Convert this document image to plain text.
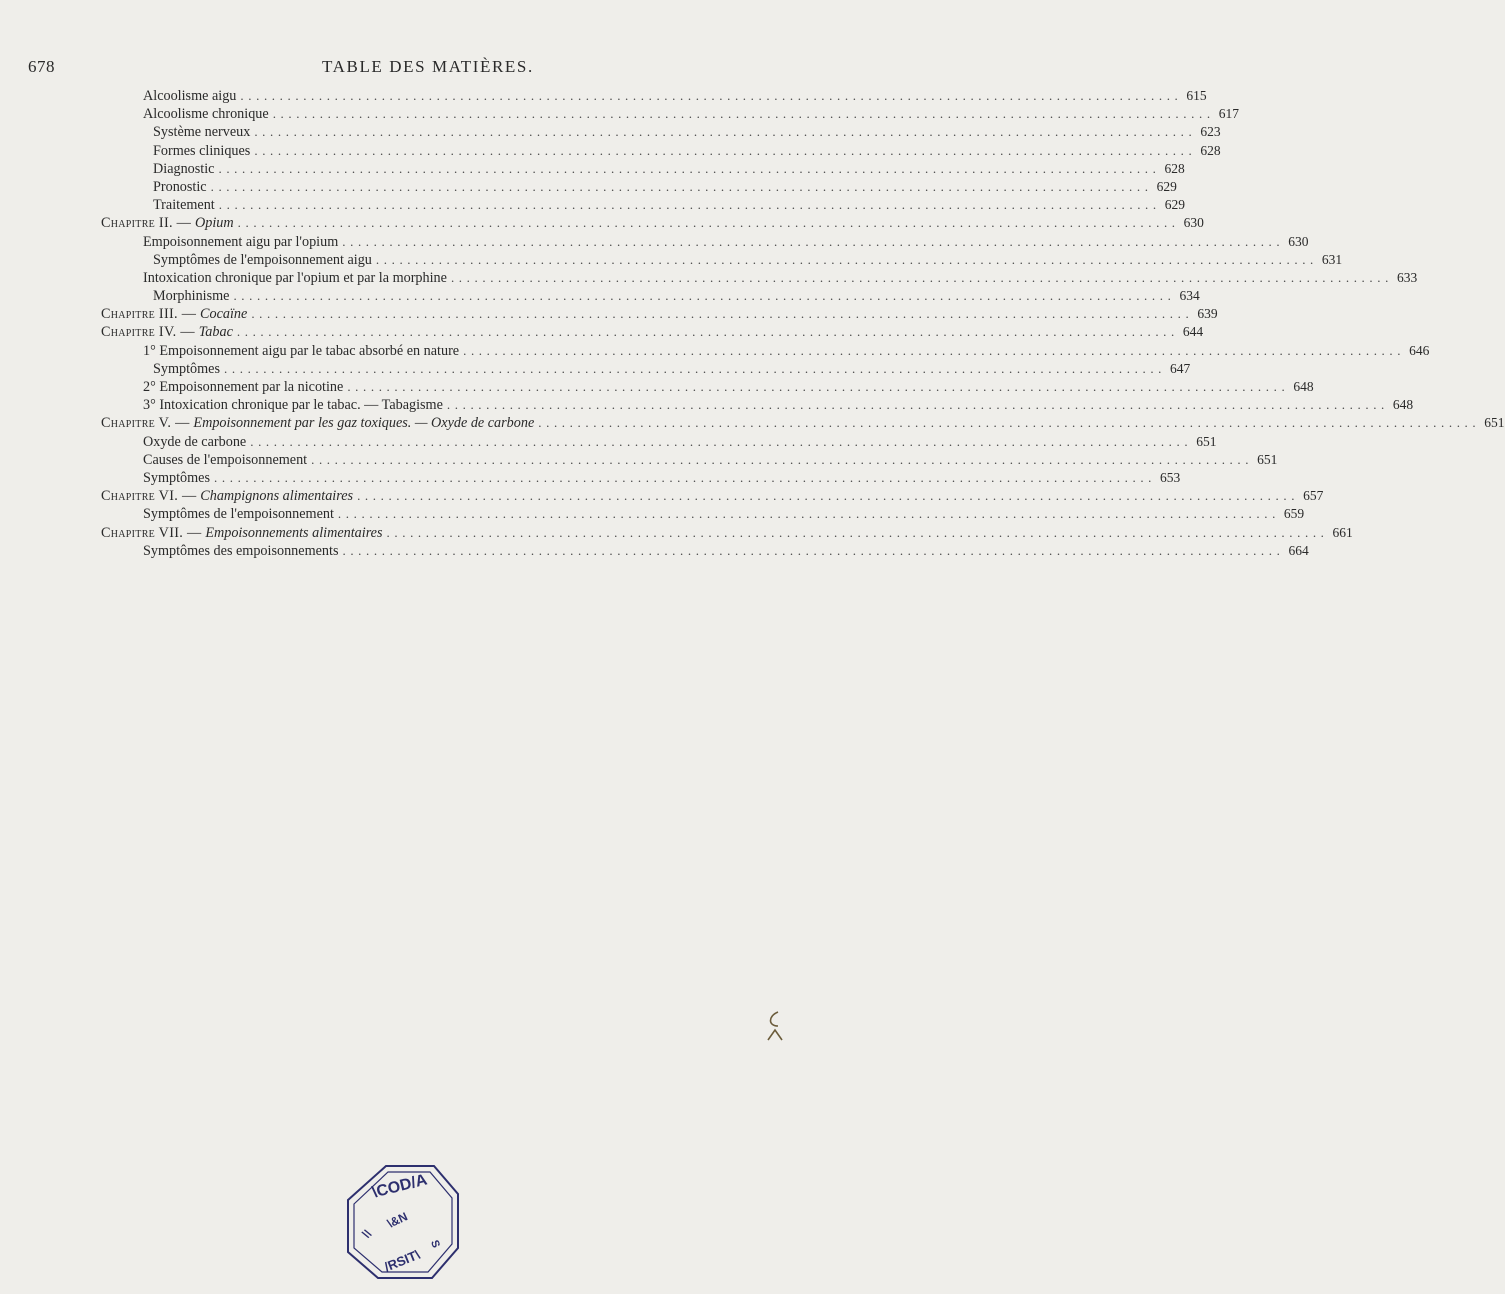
678	TABLE DES MATIÈRES.
Alcoolisme aigu ........................................................................................................................ 615
Alcoolisme chronique ........................................................................................................................ 617
Système nerveux ........................................................................................................................ 623
Formes cliniques ........................................................................................................................ 628
Diagnostic ........................................................................................................................ 628
Pronostic ........................................................................................................................ 629
Traitement ........................................................................................................................ 629
Chapitre II. — Opium ........................................................................................................................ 630
Empoisonnement aigu par l'opium ........................................................................................................................ 630
Symptômes de l'empoisonnement aigu ........................................................................................................................ 631
Intoxication chronique par l'opium et par la morphine ........................................................................................................................ 633
Morphinisme ........................................................................................................................ 634
Chapitre III. — Cocaïne ........................................................................................................................ 639
Chapitre IV. — Tabac ........................................................................................................................ 644
1° Empoisonnement aigu par le tabac absorbé en nature ........................................................................................................................ 646
Symptômes ........................................................................................................................ 647
2° Empoisonnement par la nicotine ........................................................................................................................ 648
3° Intoxication chronique par le tabac. — Tabagisme ........................................................................................................................ 648
Chapitre V. — Empoisonnement par les gaz toxiques. — Oxyde de carbone ........................................................................................................................ 651
Oxyde de carbone ........................................................................................................................ 651
Causes de l'empoisonnement ........................................................................................................................ 651
Symptômes ........................................................................................................................ 653
Chapitre VI. — Champignons alimentaires ........................................................................................................................ 657
Symptômes de l'empoisonnement ........................................................................................................................ 659
Chapitre VII. — Empoisonnements alimentaires ........................................................................................................................ 661
Symptômes des empoisonnements ........................................................................................................................ 664
\COD/A
\&N
\\
/RSIT\
S
